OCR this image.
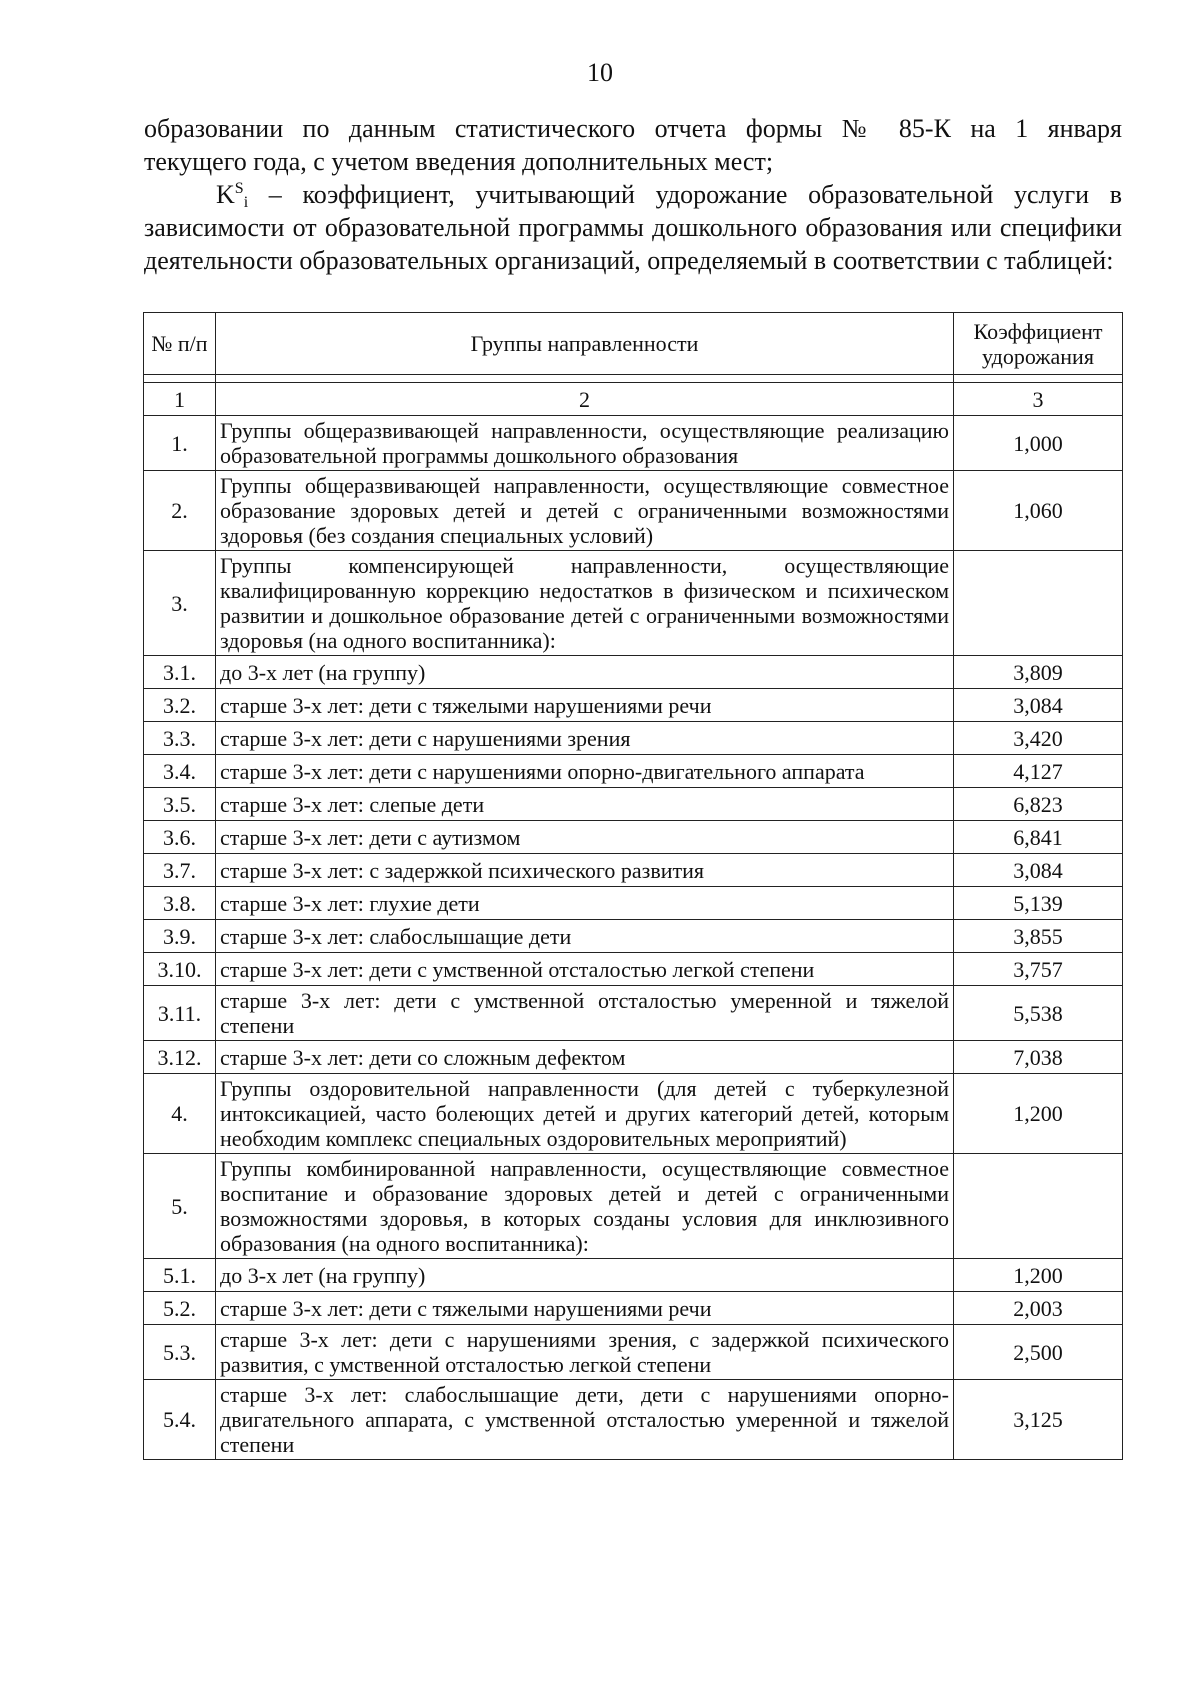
10

образовании по данным статистического отчета формы № 85-К на 1 января

текущего года, с учетом введения дополнительных мест;

$K^S_i$ – коэффициент, учитывающий удорожание образовательной услуги в зависимости от образовательной программы дошкольного образования или специфики деятельности образовательных организаций, определяемый в соответствии с таблицей:

№ п/п	Группы направленности	Коэффициент удорожания

1	2	3
1.	Группы общеразвивающей направленности, осуществляющие реализацию образовательной программы дошкольного образования	1,000
2.	Группы общеразвивающей направленности, осуществляющие совместное образование здоровых детей и детей с ограниченными возможностями здоровья (без создания специальных условий)	1,060
3.	Группы компенсирующей направленности, осуществляющие квалифицированную коррекцию недостатков в физическом и психическом развитии и дошкольное образование детей с ограниченными возможностями здоровья (на одного воспитанника):	
3.1.	до 3-х лет (на группу)	3,809
3.2.	старше 3-х лет: дети с тяжелыми нарушениями речи	3,084
3.3.	старше 3-х лет: дети с нарушениями зрения	3,420
3.4.	старше 3-х лет: дети с нарушениями опорно-двигательного аппарата	4,127
3.5.	старше 3-х лет: слепые дети	6,823
3.6.	старше 3-х лет: дети с аутизмом	6,841
3.7.	старше 3-х лет: с задержкой психического развития	3,084
3.8.	старше 3-х лет: глухие дети	5,139
3.9.	старше 3-х лет: слабослышащие дети	3,855
3.10.	старше 3-х лет: дети с умственной отсталостью легкой степени	3,757
3.11.	старше 3-х лет: дети с умственной отсталостью умеренной и тяжелой степени	5,538
3.12.	старше 3-х лет: дети со сложным дефектом	7,038
4.	Группы оздоровительной направленности (для детей с туберкулезной интоксикацией, часто болеющих детей и других категорий детей, которым необходим комплекс специальных оздоровительных мероприятий)	1,200
5.	Группы комбинированной направленности, осуществляющие совместное воспитание и образование здоровых детей и детей с ограниченными возможностями здоровья, в которых созданы условия для инклюзивного образования (на одного воспитанника):	
5.1.	до 3-х лет (на группу)	1,200
5.2.	старше 3-х лет: дети с тяжелыми нарушениями речи	2,003
5.3.	старше 3-х лет: дети с нарушениями зрения, с задержкой психического развития, с умственной отсталостью легкой степени	2,500
5.4.	старше 3-х лет: слабослышащие дети, дети с нарушениями опорно-двигательного аппарата, с умственной отсталостью умеренной и тяжелой степени	3,125
